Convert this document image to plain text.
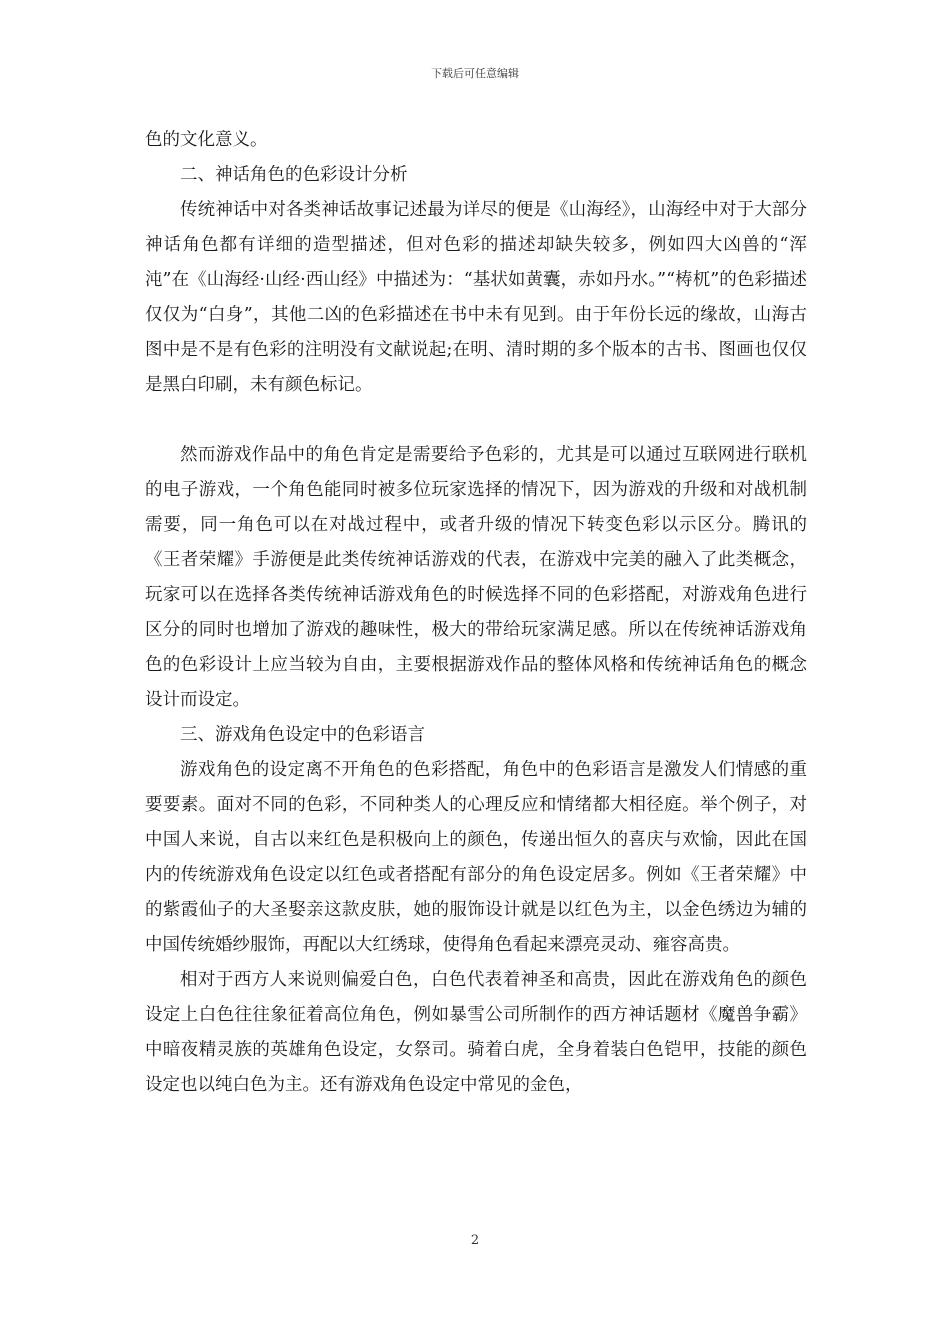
下载后可任意编辑

色的文化意义。

二、神话角色的色彩设计分析

传统神话中对各类神话故事记述最为详尽的便是《山海经》，山海经中对于大部分神话角色都有详细的造型描述，但对色彩的描述却缺失较多，例如四大凶兽的“浑沌”在《山海经·山经·西山经》中描述为：“基状如黄囊，赤如丹水。”“梼杌”的色彩描述仅仅为“白身”，其他二凶的色彩描述在书中未有见到。由于年份长远的缘故，山海古图中是不是有色彩的注明没有文献说起;在明、清时期的多个版本的古书、图画也仅仅是黑白印刷，未有颜色标记。

然而游戏作品中的角色肯定是需要给予色彩的，尤其是可以通过互联网进行联机的电子游戏，一个角色能同时被多位玩家选择的情况下，因为游戏的升级和对战机制需要，同一角色可以在对战过程中，或者升级的情况下转变色彩以示区分。腾讯的《王者荣耀》手游便是此类传统神话游戏的代表，在游戏中完美的融入了此类概念，玩家可以在选择各类传统神话游戏角色的时候选择不同的色彩搭配，对游戏角色进行区分的同时也增加了游戏的趣味性，极大的带给玩家满足感。所以在传统神话游戏角色的色彩设计上应当较为自由，主要根据游戏作品的整体风格和传统神话角色的概念设计而设定。

三、游戏角色设定中的色彩语言

游戏角色的设定离不开角色的色彩搭配，角色中的色彩语言是激发人们情感的重要要素。面对不同的色彩，不同种类人的心理反应和情绪都大相径庭。举个例子，对中国人来说，自古以来红色是积极向上的颜色，传递出恒久的喜庆与欢愉，因此在国内的传统游戏角色设定以红色或者搭配有部分的角色设定居多。例如《王者荣耀》中的紫霞仙子的大圣娶亲这款皮肤，她的服饰设计就是以红色为主，以金色绣边为辅的中国传统婚纱服饰，再配以大红绣球，使得角色看起来漂亮灵动、雍容高贵。

相对于西方人来说则偏爱白色，白色代表着神圣和高贵，因此在游戏角色的颜色设定上白色往往象征着高位角色，例如暴雪公司所制作的西方神话题材《魔兽争霸》中暗夜精灵族的英雄角色设定，女祭司。骑着白虎，全身着装白色铠甲，技能的颜色设定也以纯白色为主。还有游戏角色设定中常见的金色，

2
